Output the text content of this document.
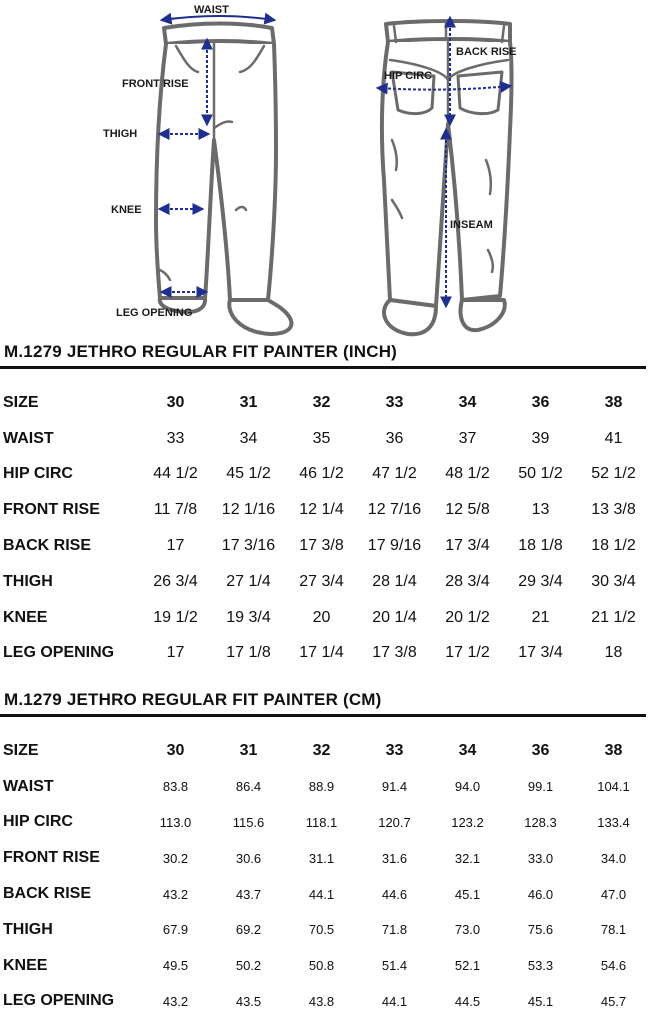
WAIST
FRONT RISE
THIGH
KNEE
LEG OPENING
BACK RISE
HIP CIRC
INSEAM
M.1279 JETHRO REGULAR FIT PAINTER (INCH)
SIZE	30	31	32	33	34	36	38
WAIST	33	34	35	36	37	39	41
HIP CIRC	44 1/2	45 1/2	46 1/2	47 1/2	48 1/2	50 1/2	52 1/2
FRONT RISE	11 7/8	12 1/16	12 1/4	12 7/16	12 5/8	13	13 3/8
BACK RISE	17	17 3/16	17 3/8	17 9/16	17 3/4	18 1/8	18 1/2
THIGH	26 3/4	27 1/4	27 3/4	28 1/4	28 3/4	29 3/4	30 3/4
KNEE	19 1/2	19 3/4	20	20 1/4	20 1/2	21	21 1/2
LEG OPENING	17	17 1/8	17 1/4	17 3/8	17 1/2	17 3/4	18
M.1279 JETHRO REGULAR FIT PAINTER (CM)
SIZE	30	31	32	33	34	36	38
WAIST	83.8	86.4	88.9	91.4	94.0	99.1	104.1
HIP CIRC	113.0	115.6	118.1	120.7	123.2	128.3	133.4
FRONT RISE	30.2	30.6	31.1	31.6	32.1	33.0	34.0
BACK RISE	43.2	43.7	44.1	44.6	45.1	46.0	47.0
THIGH	67.9	69.2	70.5	71.8	73.0	75.6	78.1
KNEE	49.5	50.2	50.8	51.4	52.1	53.3	54.6
LEG OPENING	43.2	43.5	43.8	44.1	44.5	45.1	45.7
